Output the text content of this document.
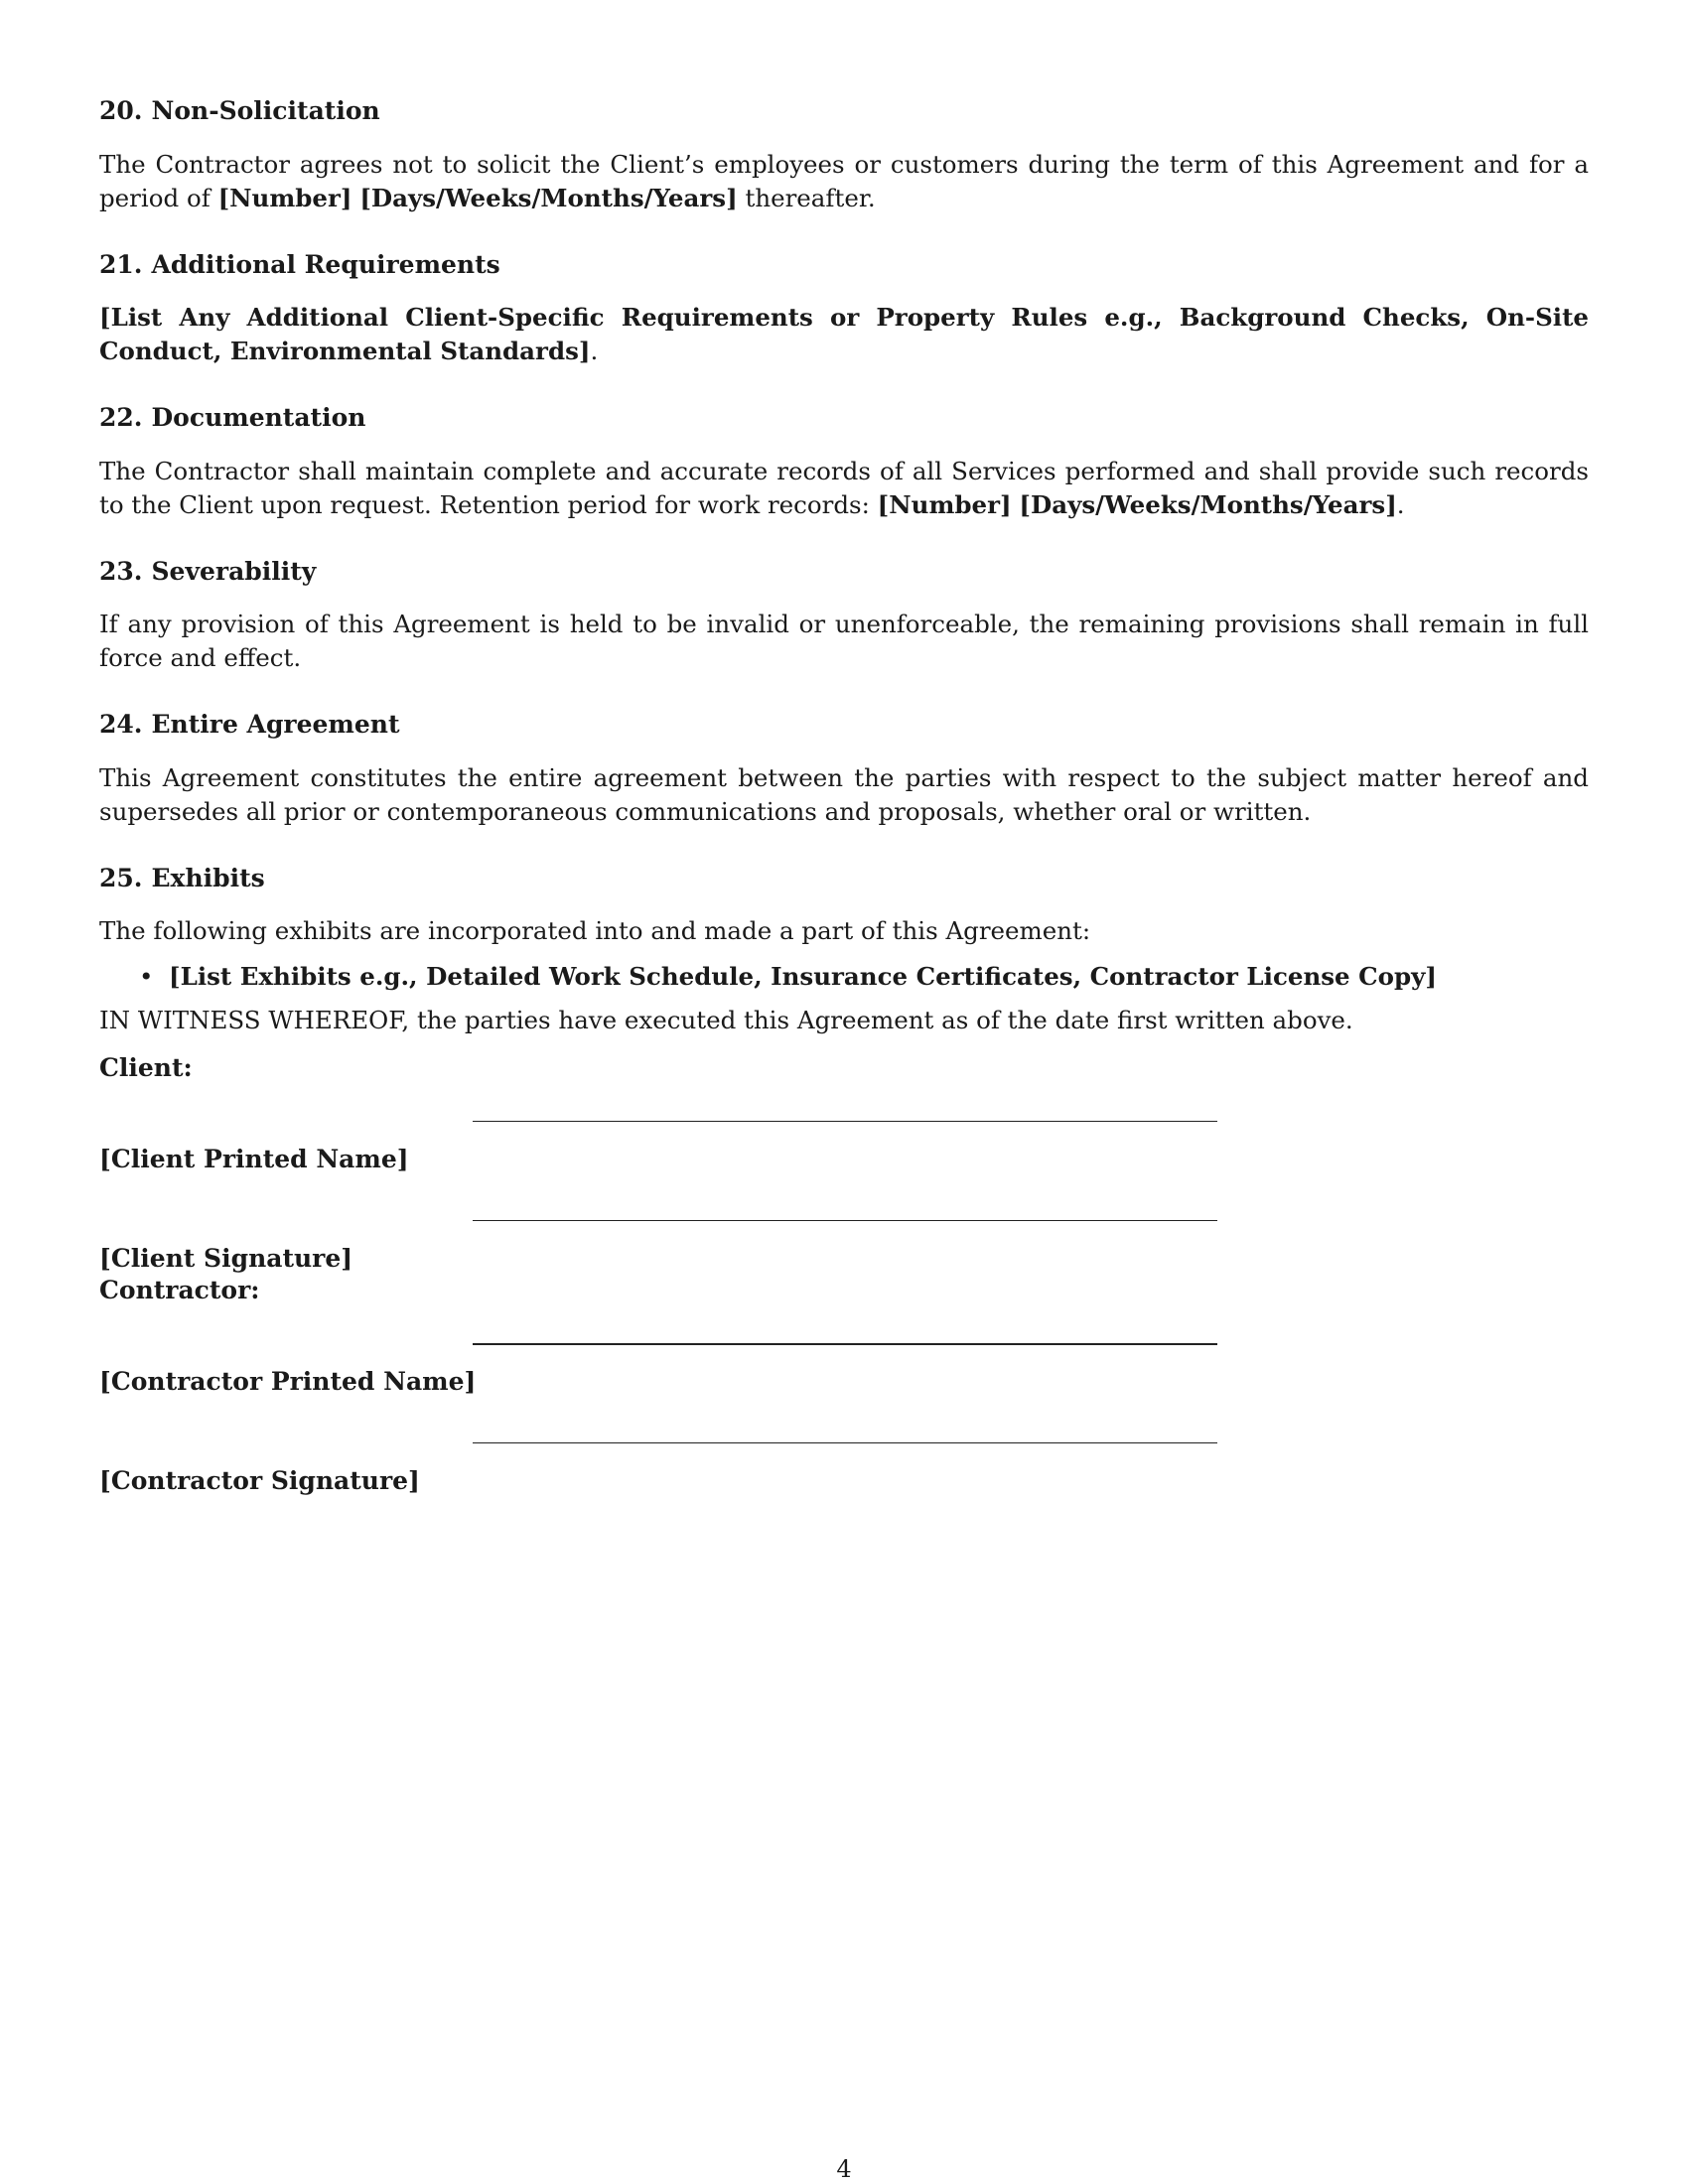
20. Non-Solicitation

The Contractor agrees not to solicit the Client’s employees or customers during the term of this Agreement and for a period of [Number] [Days/Weeks/Months/Years] thereafter.

21. Additional Requirements

[List Any Additional Client-Specific Requirements or Property Rules e.g., Background Checks, On-Site Conduct, Environmental Standards].

22. Documentation

The Contractor shall maintain complete and accurate records of all Services performed and shall provide such records to the Client upon request. Retention period for work records: [Number] [Days/Weeks/Months/Years].

23. Severability

If any provision of this Agreement is held to be invalid or unenforceable, the remaining provisions shall remain in full force and effect.

24. Entire Agreement

This Agreement constitutes the entire agreement between the parties with respect to the subject matter hereof and supersedes all prior or contemporaneous communications and proposals, whether oral or written.

25. Exhibits

The following exhibits are incorporated into and made a part of this Agreement:

• [List Exhibits e.g., Detailed Work Schedule, Insurance Certificates, Contractor License Copy]

IN WITNESS WHEREOF, the parties have executed this Agreement as of the date first written above.

Client:

[Client Printed Name]
[Client Signature]

Contractor:

[Contractor Printed Name]
[Contractor Signature]
4
